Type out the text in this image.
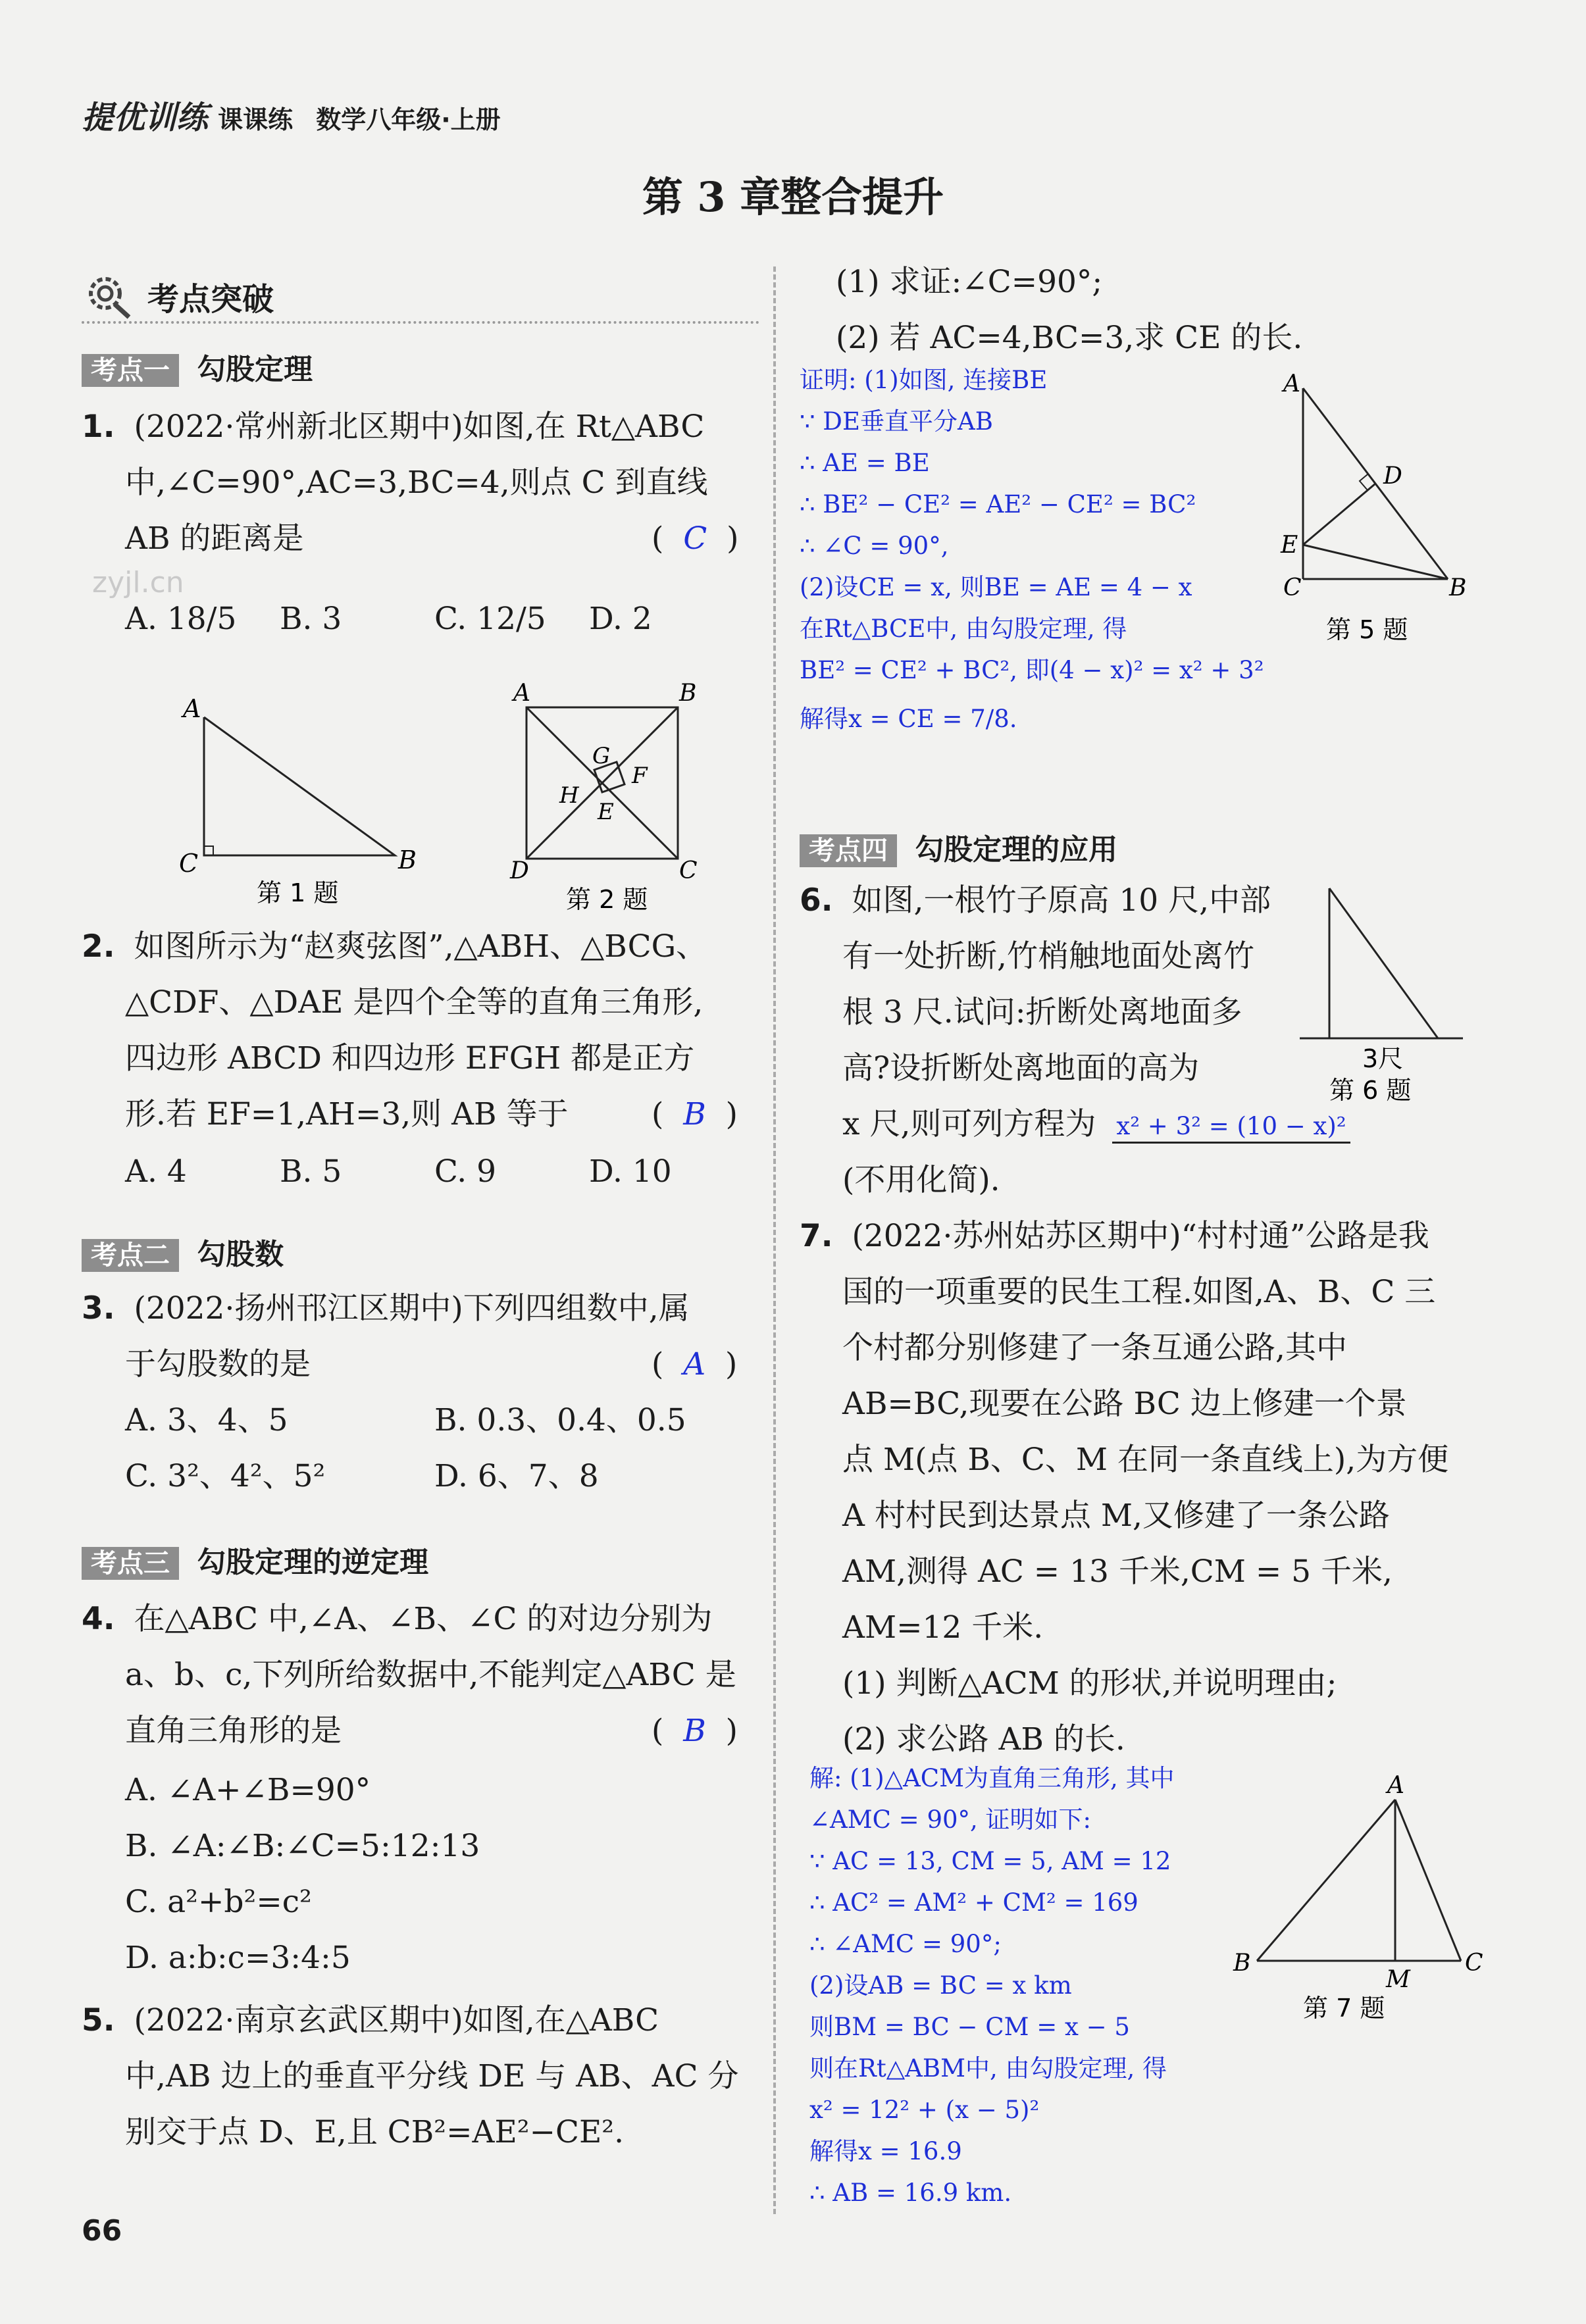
提优训练 课课练 数学八年级·上册
第 3 章整合提升
考点突破
考点一 勾股定理
1. (2022·常州新北区期中)如图,在 Rt△ABC
中,∠C=90°,AC=3,BC=4,则点 C 到直线
AB 的距离是	(  C  )
A. 18/5 B. 3	C. 12/5 D. 2
A
B
C
第 1 题
A	B
C
D
E
F
G
H
第 2 题
zyjl.cn
2. 如图所示为“赵爽弦图”,△ABH、△BCG、
△CDF、△DAE 是四个全等的直角三角形,
四边形 ABCD 和四边形 EFGH 都是正方
形.若 EF=1,AH=3,则 AB 等于	(  B  )
A. 4	B. 5	C. 9	D. 10
考点二 勾股数
3. (2022·扬州邗江区期中)下列四组数中,属
于勾股数的是	(  A  )
A. 3、4、5	B. 0.3、0.4、0.5
C. 3²、4²、5²	D. 6、7、8
考点三 勾股定理的逆定理
4. 在△ABC 中,∠A、∠B、∠C 的对边分别为
a、b、c,下列所给数据中,不能判定△ABC 是
直角三角形的是	(  B  )
A. ∠A+∠B=90°
B. ∠A:∠B:∠C=5:12:13
C. a²+b²=c²
D. a:b:c=3:4:5
5. (2022·南京玄武区期中)如图,在△ABC
中,AB 边上的垂直平分线 DE 与 AB、AC 分
别交于点 D、E,且 CB²=AE²−CE².
66
(1) 求证:∠C=90°;
(2) 若 AC=4,BC=3,求 CE 的长.
证明: (1)如图, 连接BE
∵ DE垂直平分AB
∴ AE = BE
∴ BE² − CE² = AE² − CE² = BC²
∴ ∠C = 90°,
(2)设CE = x, 则BE = AE = 4 − x
在Rt△BCE中, 由勾股定理, 得
BE² = CE² + BC², 即(4 − x)² = x² + 3²
解得x = CE = 7/8.
A
B
C
D
E
第 5 题
考点四 勾股定理的应用
6. 如图,一根竹子原高 10 尺,中部
有一处折断,竹梢触地面处离竹
根 3 尺.试问:折断处离地面多
高?设折断处离地面的高为
x 尺,则可列方程为 x² + 3² = (10 − x)²
(不用化简).
3尺
第 6 题
7. (2022·苏州姑苏区期中)“村村通”公路是我
国的一项重要的民生工程.如图,A、B、C 三
个村都分别修建了一条互通公路,其中
AB=BC,现要在公路 BC 边上修建一个景
点 M(点 B、C、M 在同一条直线上),为方便
A 村村民到达景点 M,又修建了一条公路
AM,测得 AC = 13 千米,CM = 5 千米,
AM=12 千米.
(1) 判断△ACM 的形状,并说明理由;
(2) 求公路 AB 的长.
解: (1)△ACM为直角三角形, 其中
∠AMC = 90°, 证明如下:
∵ AC = 13, CM = 5, AM = 12
∴ AC² = AM² + CM² = 169
∴ ∠AMC = 90°;
(2)设AB = BC = x km
则BM = BC − CM = x − 5
则在Rt△ABM中, 由勾股定理, 得
x² = 12² + (x − 5)²
解得x = 16.9
∴ AB = 16.9 km.
A
B	C
M
第 7 题
